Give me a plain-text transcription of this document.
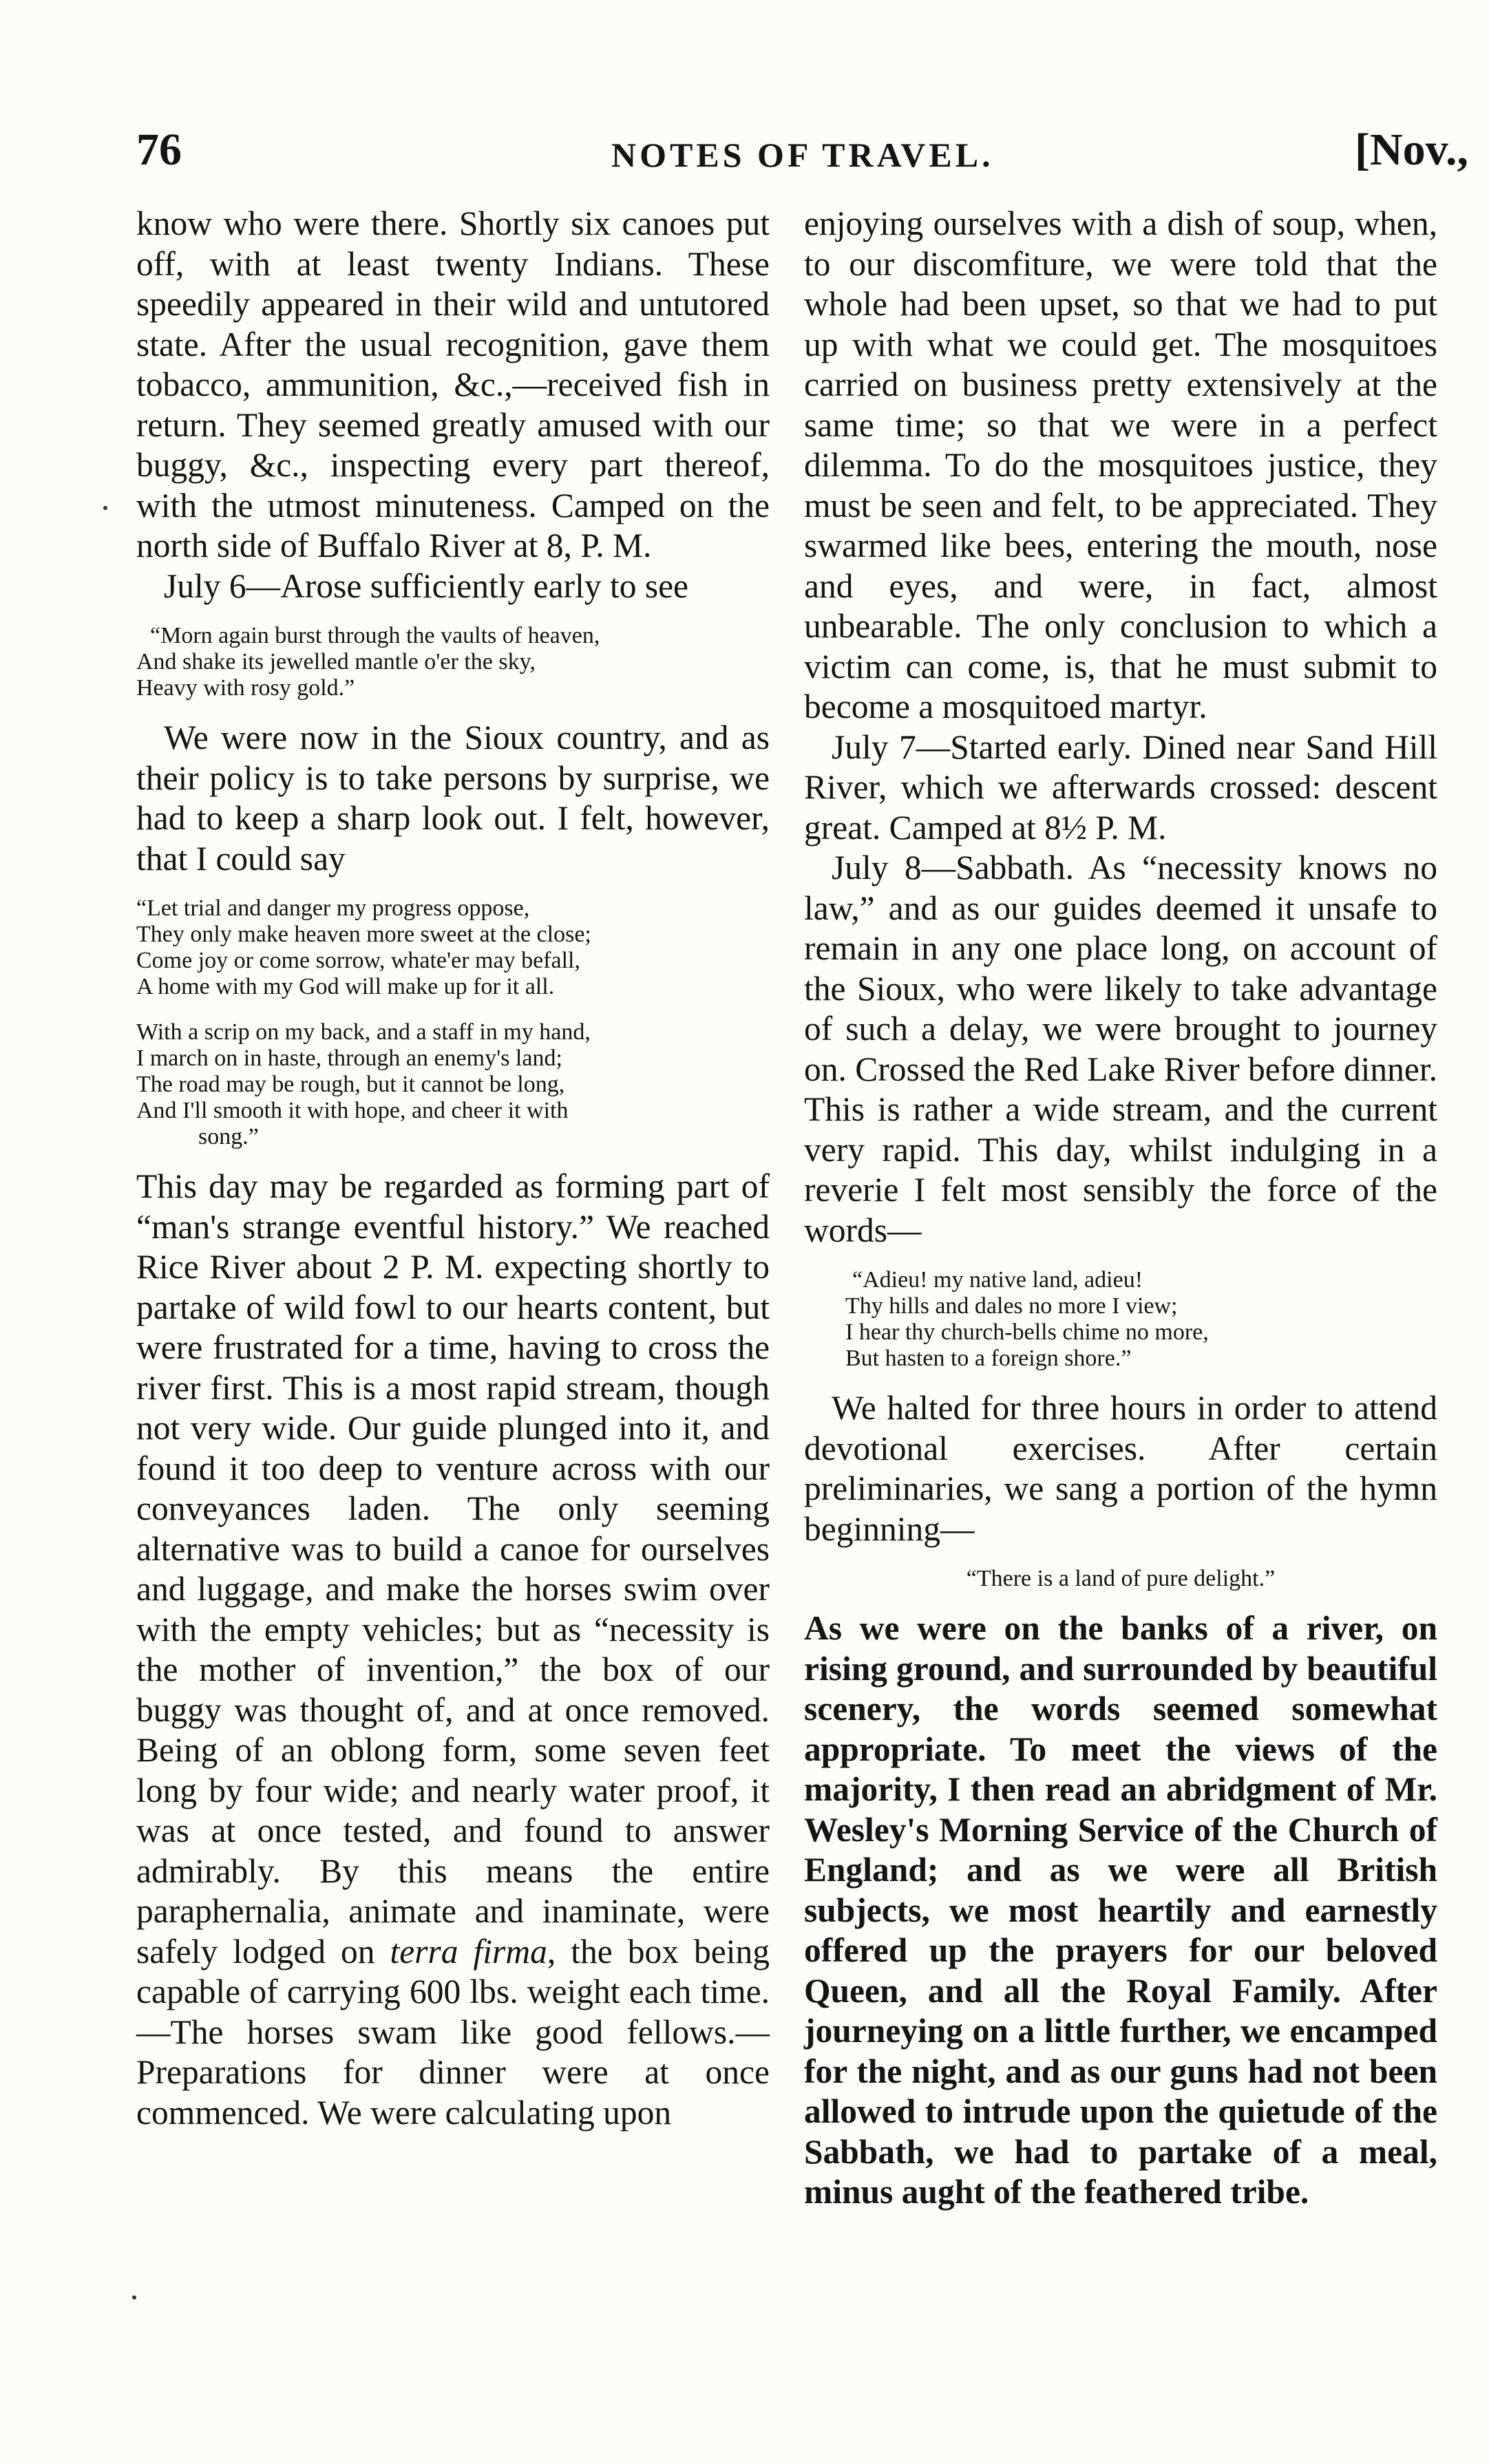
76	NOTES OF TRAVEL.	[Nov.,

know who were there. Shortly six canoes put off, with at least twenty Indians. These speedily appeared in their wild and untutored state. After the usual recognition, gave them tobacco, ammunition, &c.,—received fish in return. They seemed greatly amused with our buggy, &c., inspecting every part thereof, with the utmost minuteness. Camped on the north side of Buffalo River at 8, P. M.

July 6—Arose sufficiently early to see

“Morn again burst through the vaults of heaven,
And shake its jewelled mantle o'er the sky,
Heavy with rosy gold.”

We were now in the Sioux country, and as their policy is to take persons by surprise, we had to keep a sharp look out. I felt, however, that I could say

“Let trial and danger my progress oppose,
They only make heaven more sweet at the close;
Come joy or come sorrow, whate'er may befall,
A home with my God will make up for it all.
With a scrip on my back, and a staff in my hand,
I march on in haste, through an enemy's land;
The road may be rough, but it cannot be long,
And I'll smooth it with hope, and cheer it with
song.”

This day may be regarded as forming part of “man's strange eventful history.” We reached Rice River about 2 P. M. expecting shortly to partake of wild fowl to our hearts content, but were frustrated for a time, having to cross the river first. This is a most rapid stream, though not very wide. Our guide plunged into it, and found it too deep to venture across with our conveyances laden. The only seeming alternative was to build a canoe for ourselves and luggage, and make the horses swim over with the empty vehicles; but as “necessity is the mother of invention,” the box of our buggy was thought of, and at once removed. Being of an oblong form, some seven feet long by four wide; and nearly water proof, it was at once tested, and found to answer admirably. By this means the entire paraphernalia, animate and inaminate, were safely lodged on terra firma, the box being capable of carrying 600 lbs. weight each time.—The horses swam like good fellows.—Preparations for dinner were at once commenced. We were calculating upon

enjoying ourselves with a dish of soup, when, to our discomfiture, we were told that the whole had been upset, so that we had to put up with what we could get. The mosquitoes carried on business pretty extensively at the same time; so that we were in a perfect dilemma. To do the mosquitoes justice, they must be seen and felt, to be appreciated. They swarmed like bees, entering the mouth, nose and eyes, and were, in fact, almost unbearable. The only conclusion to which a victim can come, is, that he must submit to become a mosquitoed martyr.

July 7—Started early. Dined near Sand Hill River, which we afterwards crossed: descent great. Camped at 8½ P. M.

July 8—Sabbath. As “necessity knows no law,” and as our guides deemed it unsafe to remain in any one place long, on account of the Sioux, who were likely to take advantage of such a delay, we were brought to journey on. Crossed the Red Lake River before dinner. This is rather a wide stream, and the current very rapid. This day, whilst indulging in a reverie I felt most sensibly the force of the words—

“Adieu! my native land, adieu!
Thy hills and dales no more I view;
I hear thy church-bells chime no more,
But hasten to a foreign shore.”

We halted for three hours in order to attend devotional exercises. After certain preliminaries, we sang a portion of the hymn beginning—

“There is a land of pure delight.”

As we were on the banks of a river, on rising ground, and surrounded by beautiful scenery, the words seemed somewhat appropriate. To meet the views of the majority, I then read an abridgment of Mr. Wesley's Morning Service of the Church of England; and as we were all British subjects, we most heartily and earnestly offered up the prayers for our beloved Queen, and all the Royal Family. After journeying on a little further, we encamped for the night, and as our guns had not been allowed to intrude upon the quietude of the Sabbath, we had to partake of a meal, minus aught of the feathered tribe.
